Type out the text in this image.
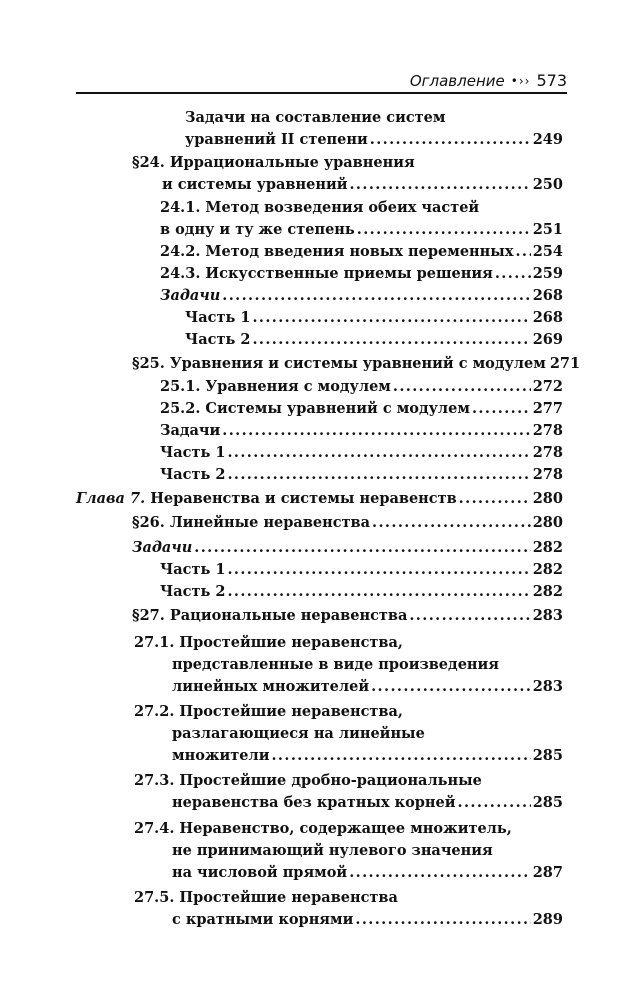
Оглавление •›› 573
Задачи на составление систем
уравнений II степени .....	249
§24. Иррациональные уравнения
и системы уравнений .....	250
24.1. Метод возведения обеих частей
в одну и ту же степень .....	251
24.2. Метод введения новых переменных ..... 254
24.3. Искусственные приемы решения .....	259
Задачи .....	268
Часть 1 .....	268
Часть 2 .....	269
§25. Уравнения и системы уравнений с модулем 271
25.1. Уравнения с модулем .....	272
25.2. Системы уравнений с модулем .....	277
Задачи .....	278
Часть 1 .....	278
Часть 2 .....	278
Глава 7. Неравенства и системы неравенств .....	280
§26. Линейные неравенства .....	280
Задачи .....	282
Часть 1 .....	282
Часть 2 .....	282
§27. Рациональные неравенства .....	283
27.1. Простейшие неравенства,
представленные в виде произведения
линейных множителей .....	283
27.2. Простейшие неравенства,
разлагающиеся на линейные
множители .....	285
27.3. Простейшие дробно-рациональные
неравенства без кратных корней .....	285
27.4. Неравенство, содержащее множитель,
не принимающий нулевого значения
на числовой прямой .....	287
27.5. Простейшие неравенства
с кратными корнями .....	289
